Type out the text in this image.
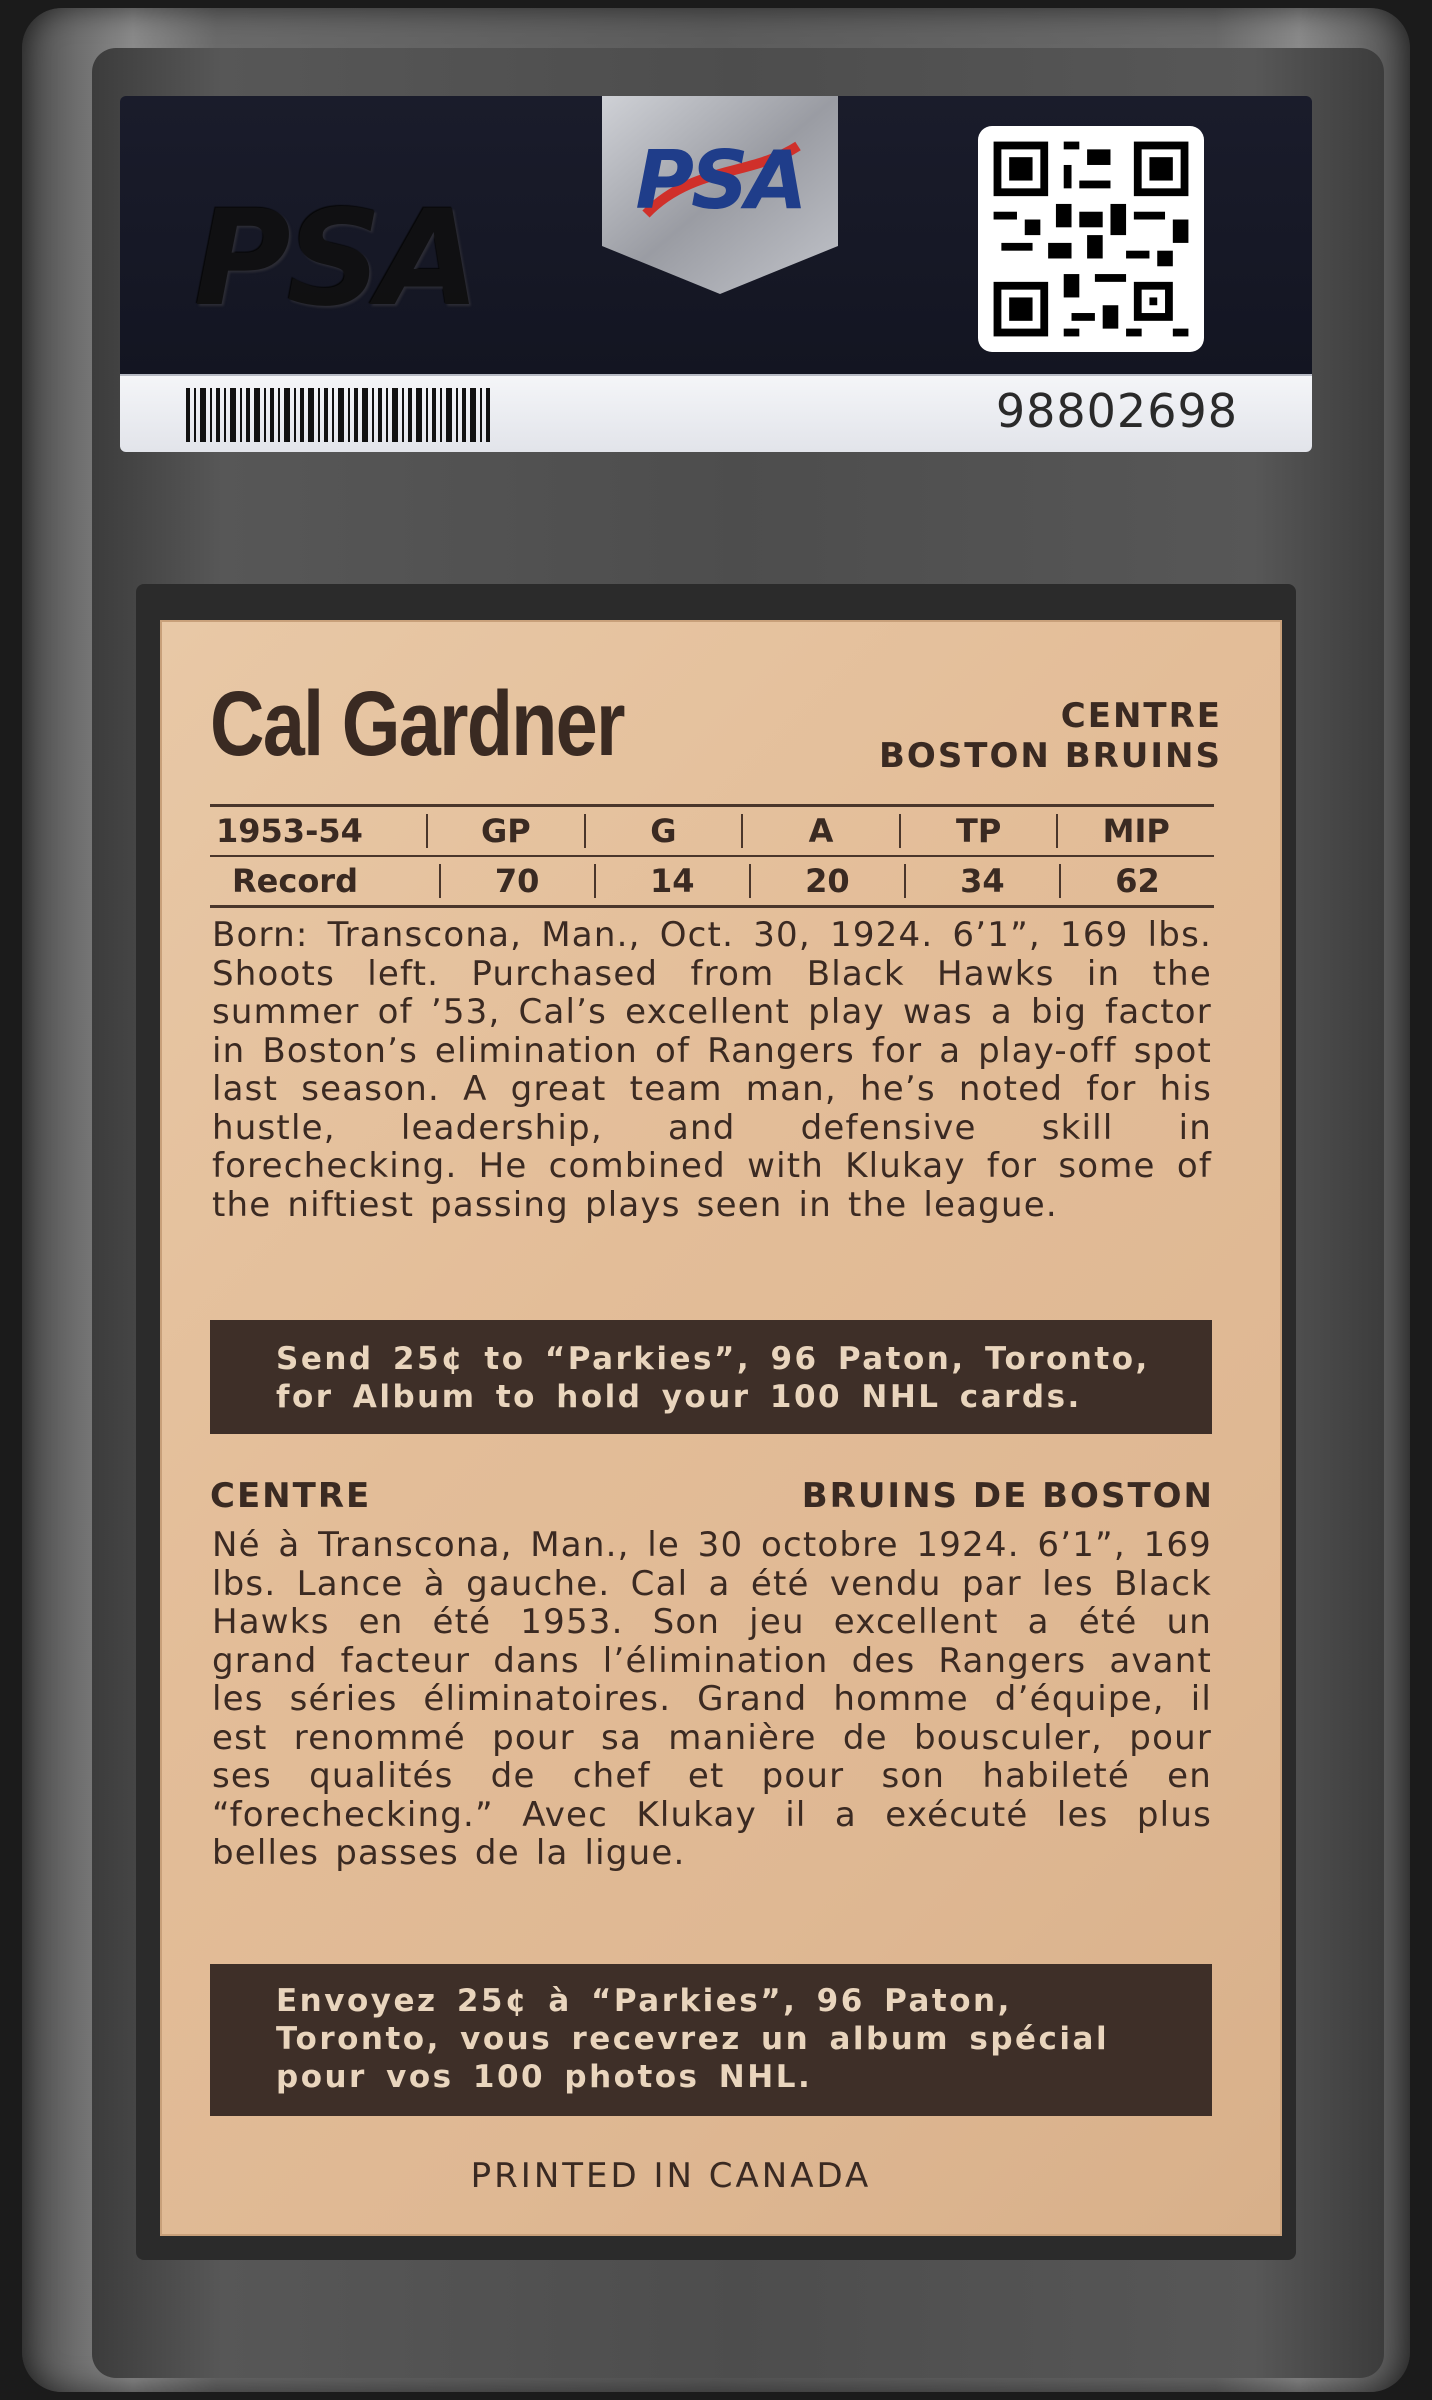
PSA
PSA
98802698
Cal Gardner	CENTRE
BOSTON BRUINS
1953-54	GP	G	A	TP	MIP
Record	70	14	20	34	62
Born: Transcona, Man., Oct. 30, 1924. 6’1”, 169 lbs. Shoots left. Purchased from Black Hawks in the summer of ’53, Cal’s excellent play was a big factor in Boston’s elimination of Rangers for a play-off spot last season. A great team man, he’s noted for his hustle, leadership, and defensive skill in forechecking. He combined with Klukay for some of the niftiest passing plays seen in the league.
Send 25¢ to “Parkies”, 96 Paton, Toronto, for Album to hold your 100 NHL cards.
CENTRE	BRUINS DE BOSTON
Né à Transcona, Man., le 30 octobre 1924. 6’1”, 169 lbs. Lance à gauche. Cal a été vendu par les Black Hawks en été 1953. Son jeu excellent a été un grand facteur dans l’élimination des Rangers avant les séries éliminatoires. Grand homme d’équipe, il est renommé pour sa manière de bousculer, pour ses qualités de chef et pour son habileté en “forechecking.” Avec Klukay il a exécuté les plus belles passes de la ligue.
Envoyez 25¢ à “Parkies”, 96 Paton, Toronto, vous recevrez un album spécial pour vos 100 photos NHL.
PRINTED IN CANADA
